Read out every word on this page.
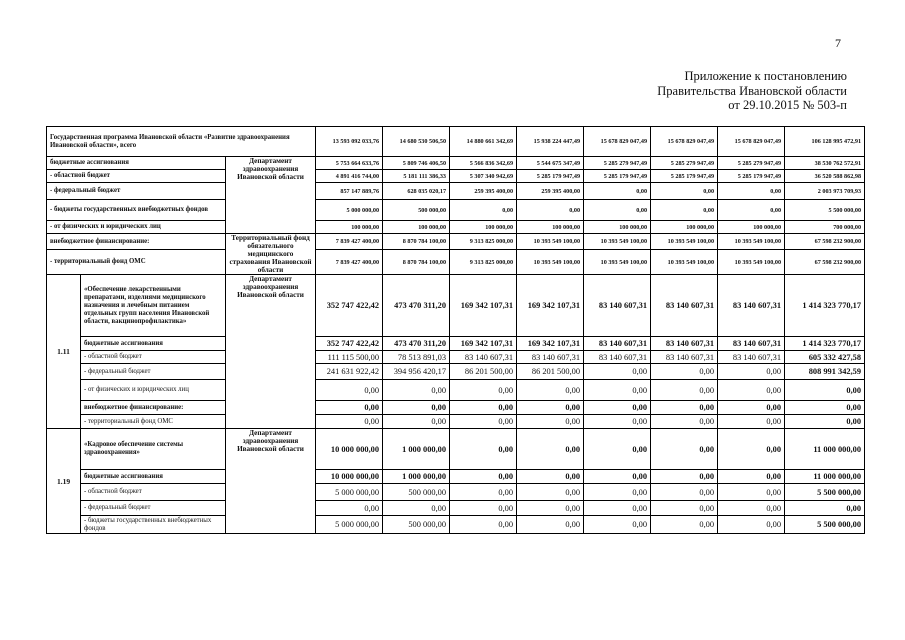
7
Приложение к постановлению
Правительства Ивановской области
от 29.10.2015 № 503-п
Государственная программа Ивановской области «Развитие здравоохранения Ивановской области», всего			13 593 092 033,76	14 680 530 506,50	14 880 661 342,69	15 938 224 447,49	15 678 829 047,49	15 678 829 047,49	15 678 829 047,49	106 128 995 472,91
бюджетные ассигнования		Департамент здравоохранения Ивановской области	5 753 664 633,76	5 809 746 406,50	5 566 836 342,69	5 544 675 347,49	5 285 279 947,49	5 285 279 947,49	5 285 279 947,49	38 530 762 572,91
- областной бюджет			4 891 416 744,00	5 181 111 386,33	5 307 340 942,69	5 285 179 947,49	5 285 179 947,49	5 285 179 947,49	5 285 179 947,49	36 520 588 862,98
- федеральный бюджет			857 147 889,76	628 035 020,17	259 395 400,00	259 395 400,00	0,00	0,00	0,00	2 003 973 709,93
- бюджеты государственных внебюджетных фондов			5 000 000,00	500 000,00	0,00	0,00	0,00	0,00	0,00	5 500 000,00
- от физических и юридических лиц			100 000,00	100 000,00	100 000,00	100 000,00	100 000,00	100 000,00	100 000,00	700 000,00
внебюджетное финансирование:		Территориальный фонд обязательного медицинского страхования Ивановской области	7 839 427 400,00	8 870 784 100,00	9 313 825 000,00	10 393 549 100,00	10 393 549 100,00	10 393 549 100,00	10 393 549 100,00	67 598 232 900,00
- территориальный фонд ОМС			7 839 427 400,00	8 870 784 100,00	9 313 825 000,00	10 393 549 100,00	10 393 549 100,00	10 393 549 100,00	10 393 549 100,00	67 598 232 900,00
1.11	«Обеспечение лекарственными препаратами, изделиями медицинского назначения и лечебным питанием отдельных групп населения Ивановской области, вакцинопрофилактика»	Департамент здравоохранения Ивановской области	352 747 422,42	473 470 311,20	169 342 107,31	169 342 107,31	83 140 607,31	83 140 607,31	83 140 607,31	1 414 323 770,17
	бюджетные ассигнования		352 747 422,42	473 470 311,20	169 342 107,31	169 342 107,31	83 140 607,31	83 140 607,31	83 140 607,31	1 414 323 770,17
	- областной бюджет		111 115 500,00	78 513 891,03	83 140 607,31	83 140 607,31	83 140 607,31	83 140 607,31	83 140 607,31	605 332 427,58
	- федеральный бюджет		241 631 922,42	394 956 420,17	86 201 500,00	86 201 500,00	0,00	0,00	0,00	808 991 342,59
	- от физических и юридических лиц		0,00	0,00	0,00	0,00	0,00	0,00	0,00	0,00
	внебюджетное финансирование:		0,00	0,00	0,00	0,00	0,00	0,00	0,00	0,00
	- территориальный фонд ОМС		0,00	0,00	0,00	0,00	0,00	0,00	0,00	0,00
1.19	«Кадровое обеспечение системы здравоохранения»	Департамент здравоохранения Ивановской области	10 000 000,00	1 000 000,00	0,00	0,00	0,00	0,00	0,00	11 000 000,00
	бюджетные ассигнования		10 000 000,00	1 000 000,00	0,00	0,00	0,00	0,00	0,00	11 000 000,00
	- областной бюджет		5 000 000,00	500 000,00	0,00	0,00	0,00	0,00	0,00	5 500 000,00
	- федеральный бюджет		0,00	0,00	0,00	0,00	0,00	0,00	0,00	0,00
	- бюджеты государственных внебюджетных фондов		5 000 000,00	500 000,00	0,00	0,00	0,00	0,00	0,00	5 500 000,00
